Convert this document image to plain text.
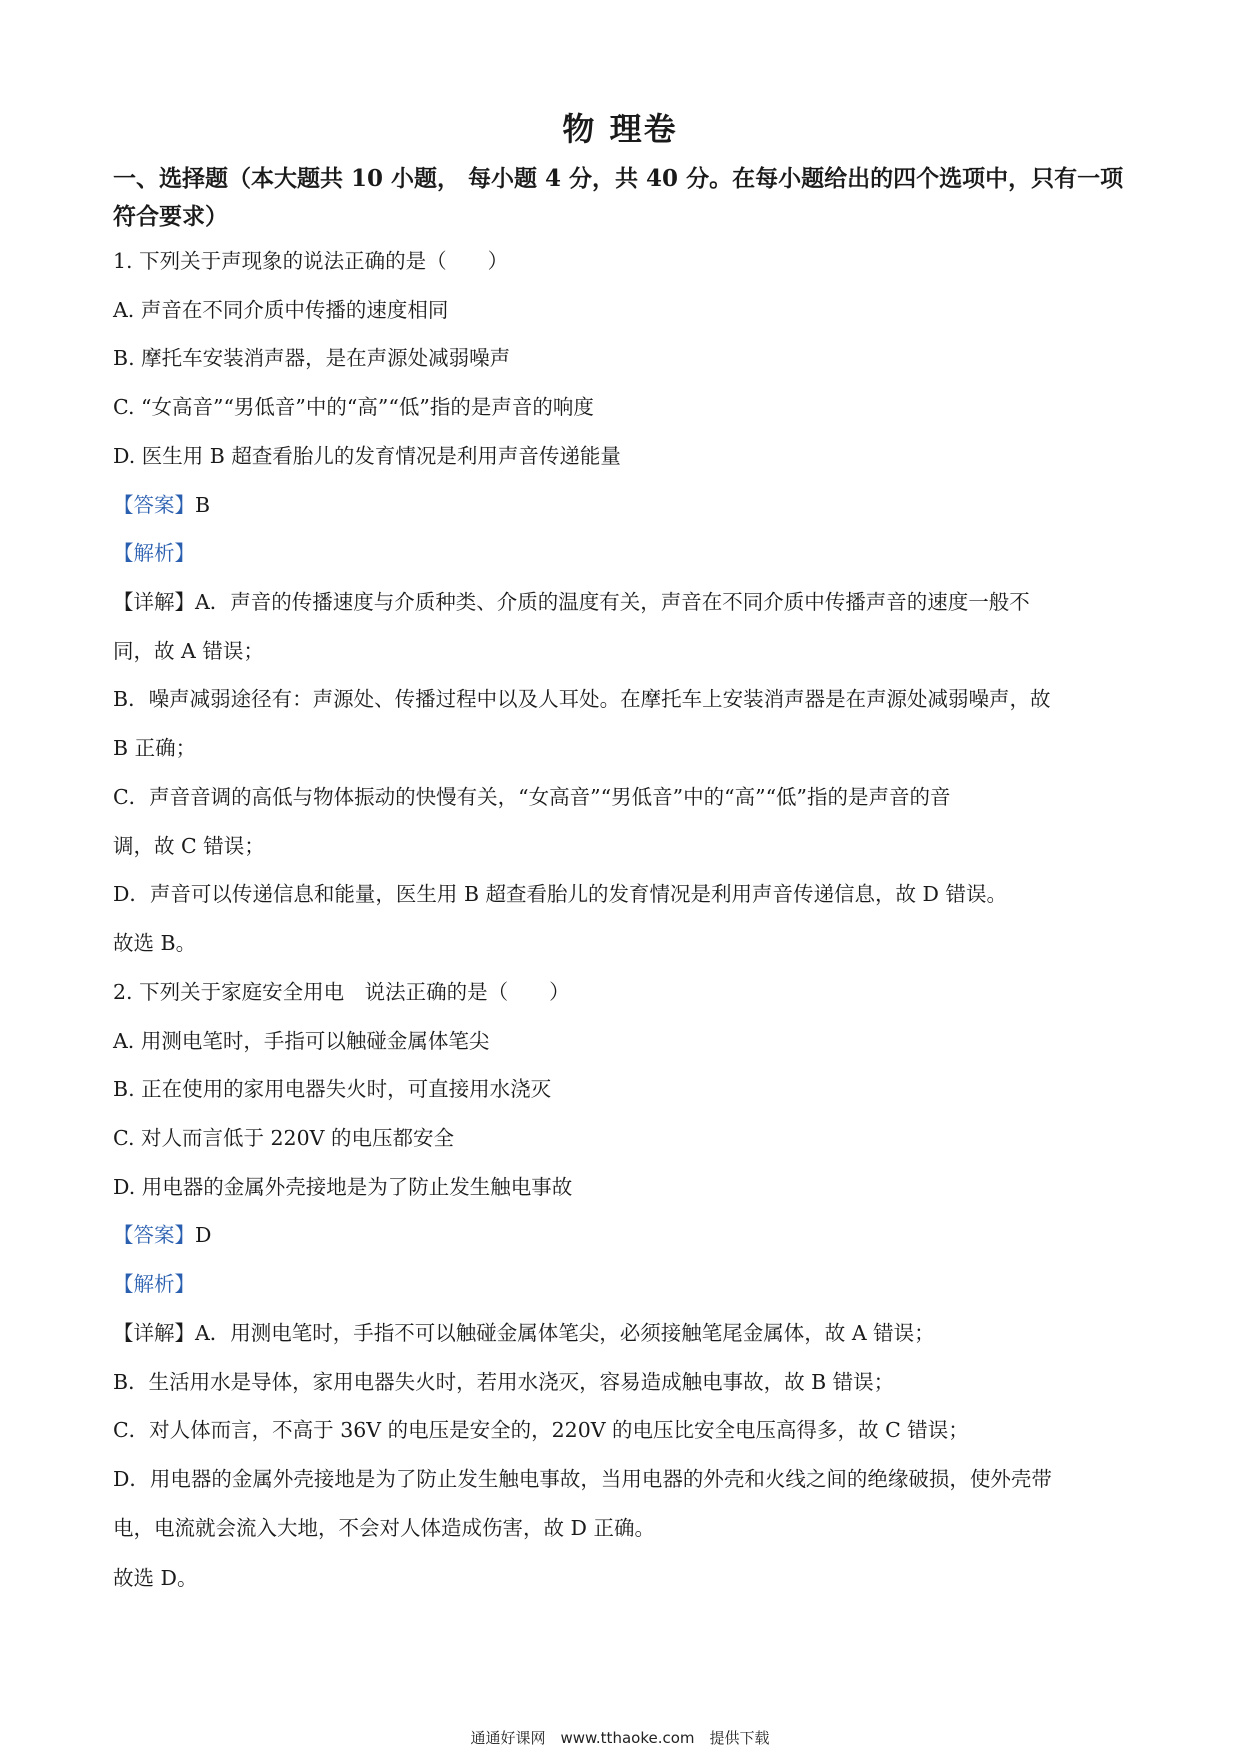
物 理卷
一、选择题（本大题共 10 小题， 每小题 4 分，共 40 分。在每小题给出的四个选项中，只有一项符合要求）
1. 下列关于声现象的说法正确的是（　　）
A. 声音在不同介质中传播的速度相同
B. 摩托车安装消声器，是在声源处减弱噪声
C. “女高音”“男低音”中的“高”“低”指的是声音的响度
D. 医生用 B 超查看胎儿的发育情况是利用声音传递能量
【答案】B
【解析】
【详解】A．声音的传播速度与介质种类、介质的温度有关，声音在不同介质中传播声音的速度一般不
同，故 A 错误；
B．噪声减弱途径有：声源处、传播过程中以及人耳处。在摩托车上安装消声器是在声源处减弱噪声，故
B 正确；
C．声音音调的高低与物体振动的快慢有关，“女高音”“男低音”中的“高”“低”指的是声音的音
调，故 C 错误；
D．声音可以传递信息和能量，医生用 B 超查看胎儿的发育情况是利用声音传递信息，故 D 错误。
故选 B。
2. 下列关于家庭安全用电　说法正确的是（　　）
A. 用测电笔时，手指可以触碰金属体笔尖
B. 正在使用的家用电器失火时，可直接用水浇灭
C. 对人而言低于 220V 的电压都安全
D. 用电器的金属外壳接地是为了防止发生触电事故
【答案】D
【解析】
【详解】A．用测电笔时，手指不可以触碰金属体笔尖，必须接触笔尾金属体，故 A 错误；
B．生活用水是导体，家用电器失火时，若用水浇灭，容易造成触电事故，故 B 错误；
C．对人体而言，不高于 36V 的电压是安全的，220V 的电压比安全电压高得多，故 C 错误；
D．用电器的金属外壳接地是为了防止发生触电事故，当用电器的外壳和火线之间的绝缘破损，使外壳带
电，电流就会流入大地，不会对人体造成伤害，故 D 正确。
故选 D。
通通好课网　www.tthaoke.com　提供下载
